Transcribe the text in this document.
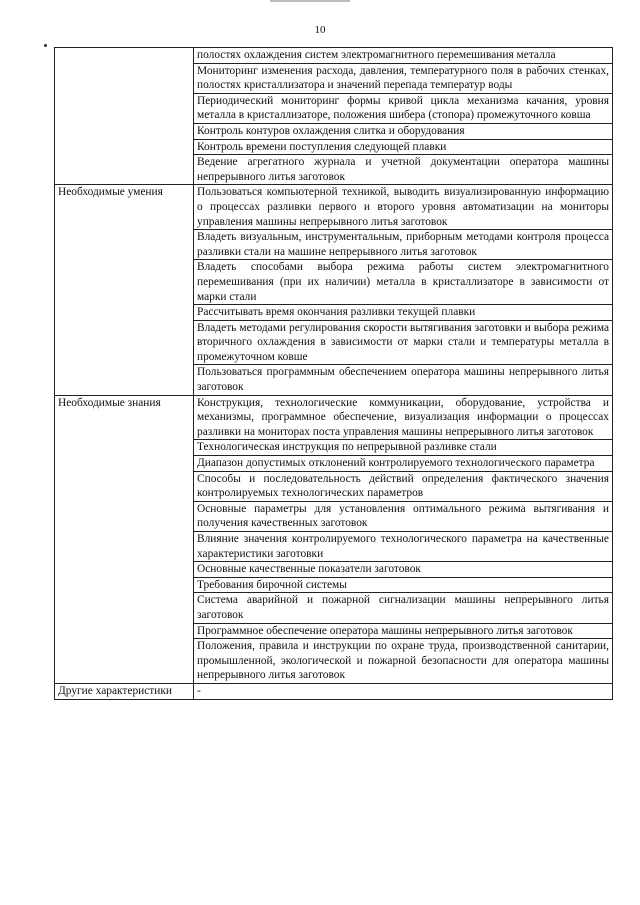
10
	полостях охлаждения систем электромагнитного перемешивания металла
	Мониторинг изменения расхода, давления, температурного поля в рабочих стенках, полостях кристаллизатора и значений перепада температур воды
	Периодический мониторинг формы кривой цикла механизма качания, уровня металла в кристаллизаторе, положения шибера (стопора) промежуточного ковша
	Контроль контуров охлаждения слитка и оборудования
	Контроль времени поступления следующей плавки
	Ведение агрегатного журнала и учетной документации оператора машины непрерывного литья заготовок
Необходимые умения	Пользоваться компьютерной техникой, выводить визуализированную информацию о процессах разливки первого и второго уровня автоматизации на мониторы управления машины непрерывного литья заготовок
	Владеть визуальным, инструментальным, приборным методами контроля процесса разливки стали на машине непрерывного литья заготовок
	Владеть способами выбора режима работы систем электромагнитного перемешивания (при их наличии) металла в кристаллизаторе в зависимости от марки стали
	Рассчитывать время окончания разливки текущей плавки
	Владеть методами регулирования скорости вытягивания заготовки и выбора режима вторичного охлаждения в зависимости от марки стали и температуры металла в промежуточном ковше
	Пользоваться программным обеспечением оператора машины непрерывного литья заготовок
Необходимые знания	Конструкция, технологические коммуникации, оборудование, устройства и механизмы, программное обеспечение, визуализация информации о процессах разливки на мониторах поста управления машины непрерывного литья заготовок
	Технологическая инструкция по непрерывной разливке стали
	Диапазон допустимых отклонений контролируемого технологического параметра
	Способы и последовательность действий определения фактического значения контролируемых технологических параметров
	Основные параметры для установления оптимального режима вытягивания и получения качественных заготовок
	Влияние значения контролируемого технологического параметра на качественные характеристики заготовки
	Основные качественные показатели заготовок
	Требования бирочной системы
	Система аварийной и пожарной сигнализации машины непрерывного литья заготовок
	Программное обеспечение оператора машины непрерывного литья заготовок
	Положения, правила и инструкции по охране труда, производственной санитарии, промышленной, экологической и пожарной безопасности для оператора машины непрерывного литья заготовок
Другие характеристики	-
